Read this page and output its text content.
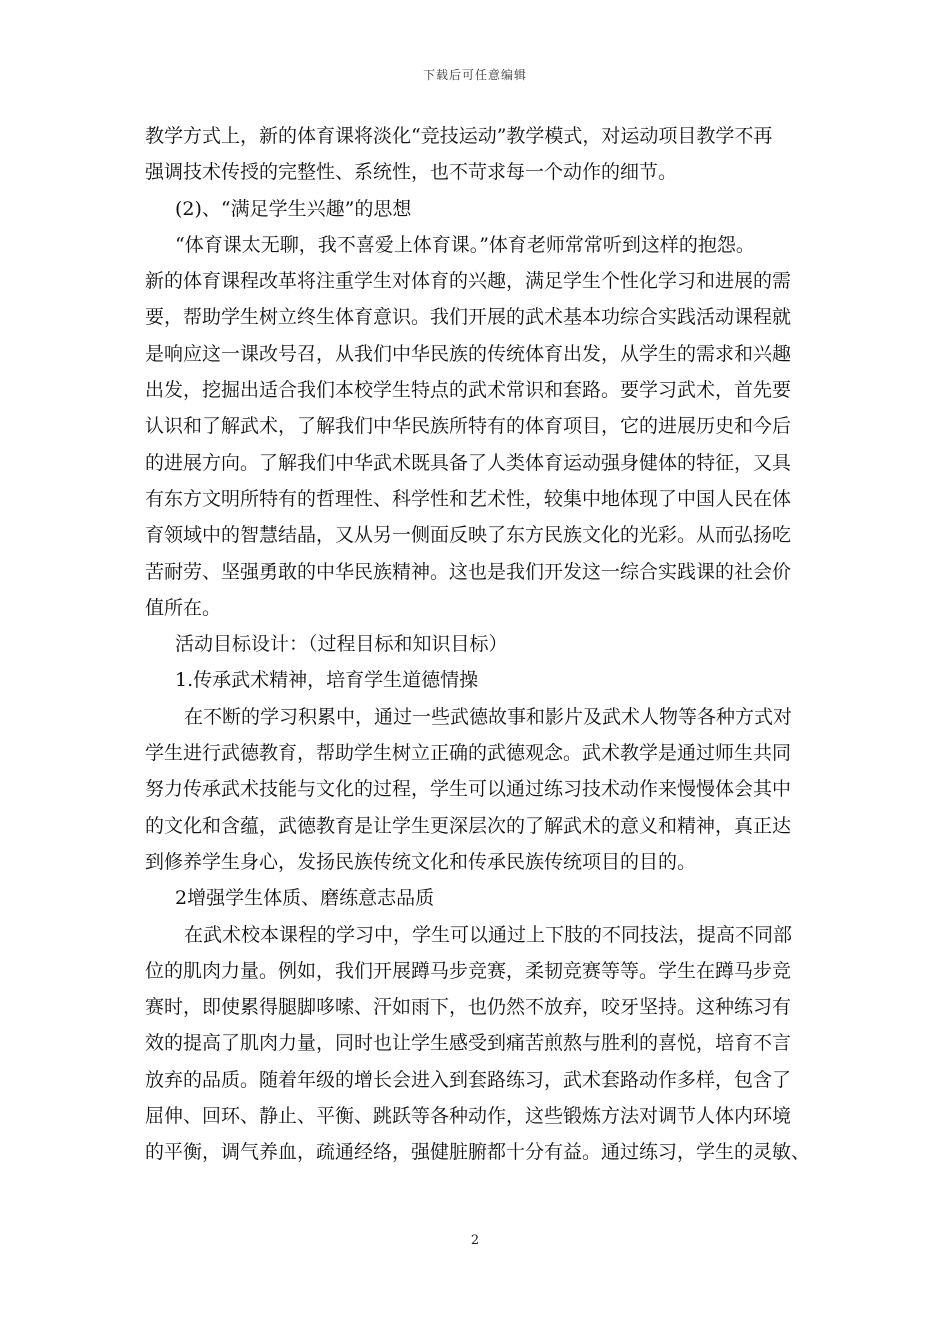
下载后可任意编辑
教学方式上，新的体育课将淡化“竞技运动”教学模式，对运动项目教学不再
强调技术传授的完整性、系统性，也不苛求每一个动作的细节。
(2)、“满足学生兴趣”的思想
“体育课太无聊，我不喜爱上体育课。”体育老师常常听到这样的抱怨。
新的体育课程改革将注重学生对体育的兴趣，满足学生个性化学习和进展的需
要，帮助学生树立终生体育意识。我们开展的武术基本功综合实践活动课程就
是响应这一课改号召，从我们中华民族的传统体育出发，从学生的需求和兴趣
出发，挖掘出适合我们本校学生特点的武术常识和套路。要学习武术，首先要
认识和了解武术，了解我们中华民族所特有的体育项目，它的进展历史和今后
的进展方向。了解我们中华武术既具备了人类体育运动强身健体的特征，又具
有东方文明所特有的哲理性、科学性和艺术性，较集中地体现了中国人民在体
育领域中的智慧结晶，又从另一侧面反映了东方民族文化的光彩。从而弘扬吃
苦耐劳、坚强勇敢的中华民族精神。这也是我们开发这一综合实践课的社会价
值所在。
活动目标设计：（过程目标和知识目标）
1.传承武术精神，培育学生道德情操
在不断的学习积累中，通过一些武德故事和影片及武术人物等各种方式对
学生进行武德教育，帮助学生树立正确的武德观念。武术教学是通过师生共同
努力传承武术技能与文化的过程，学生可以通过练习技术动作来慢慢体会其中
的文化和含蕴，武德教育是让学生更深层次的了解武术的意义和精神，真正达
到修养学生身心，发扬民族传统文化和传承民族传统项目的目的。
2增强学生体质、磨练意志品质
在武术校本课程的学习中，学生可以通过上下肢的不同技法，提高不同部
位的肌肉力量。例如，我们开展蹲马步竞赛，柔韧竞赛等等。学生在蹲马步竞
赛时，即使累得腿脚哆嗦、汗如雨下，也仍然不放弃，咬牙坚持。这种练习有
效的提高了肌肉力量，同时也让学生感受到痛苦煎熬与胜利的喜悦，培育不言
放弃的品质。随着年级的增长会进入到套路练习，武术套路动作多样，包含了
屈伸、回环、静止、平衡、跳跃等各种动作，这些锻炼方法对调节人体内环境
的平衡，调气养血，疏通经络，强健脏腑都十分有益。通过练习，学生的灵敏、
2
